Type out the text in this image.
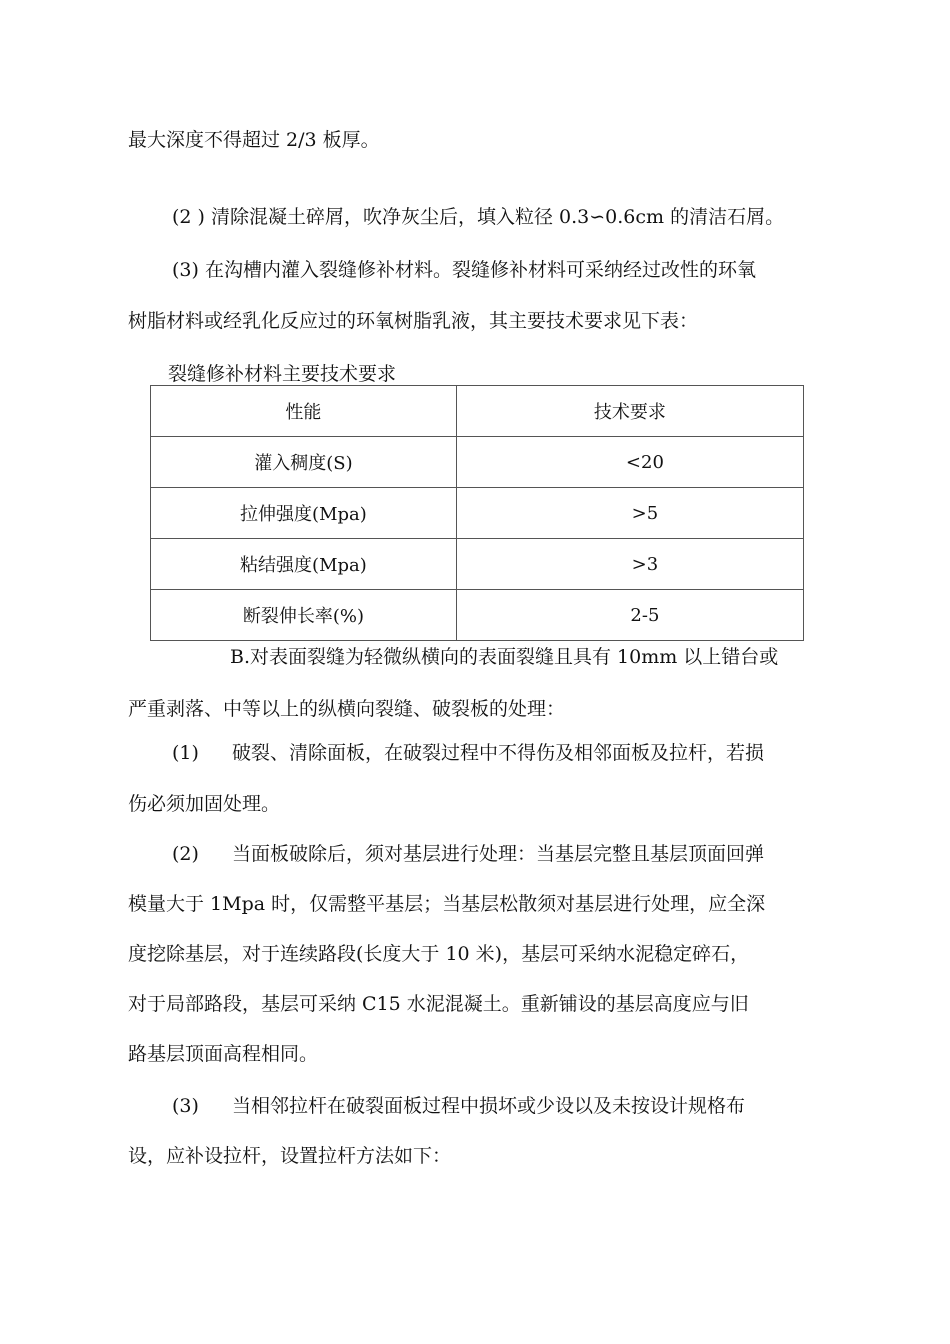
最大深度不得超过 2/3 板厚。
(2 ) 清除混凝土碎屑，吹净灰尘后，填入粒径 0.3∽0.6cm 的清洁石屑。
(3) 在沟槽内灌入裂缝修补材料。裂缝修补材料可采纳经过改性的环氧
树脂材料或经乳化反应过的环氧树脂乳液，其主要技术要求见下表：
裂缝修补材料主要技术要求
性能	技术要求
灌入稠度(S)	<20
拉伸强度(Mpa)	>5
粘结强度(Mpa)	>3
断裂伸长率(%)	2-5
B.对表面裂缝为轻微纵横向的表面裂缝且具有 10mm 以上错台或
严重剥落、中等以上的纵横向裂缝、破裂板的处理：
(1) 破裂、清除面板，在破裂过程中不得伤及相邻面板及拉杆，若损
伤必须加固处理。
(2) 当面板破除后，须对基层进行处理：当基层完整且基层顶面回弹
模量大于 1Mpa 时，仅需整平基层；当基层松散须对基层进行处理，应全深
度挖除基层，对于连续路段(长度大于 10 米)，基层可采纳水泥稳定碎石，
对于局部路段，基层可采纳 C15 水泥混凝土。重新铺设的基层高度应与旧
路基层顶面高程相同。
(3) 当相邻拉杆在破裂面板过程中损坏或少设以及未按设计规格布
设，应补设拉杆，设置拉杆方法如下：
